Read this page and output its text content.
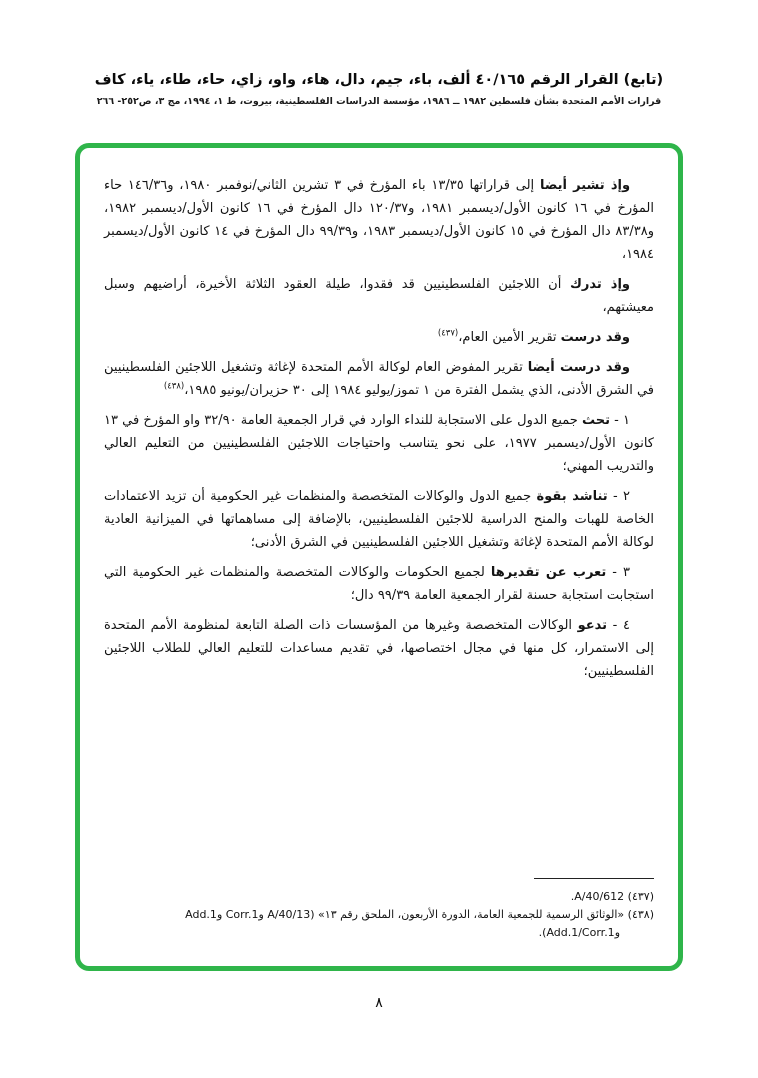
(تابع) القرار الرقم ٤٠/١٦٥ ألف، باء، جيم، دال، هاء، واو، زاي، حاء، طاء، ياء، كاف
قرارات الأمم المتحدة بشأن فلسطين ١٩٨٢ ــ ١٩٨٦، مؤسسة الدراسات الفلسطينية، بيروت، ط ١، ١٩٩٤، مج ٣، ص٢٥٢- ٢٦٦

وإذ تشير أيضا إلى قراراتها ١٣/٣٥ باء المؤرخ في ٣ تشرين الثاني/نوفمبر ١٩٨٠، و١٤٦/٣٦ حاء المؤرخ في ١٦ كانون الأول/ديسمبر ١٩٨١، و١٢٠/٣٧ دال المؤرخ في ١٦ كانون الأول/ديسمبر ١٩٨٢، و٨٣/٣٨ دال المؤرخ في ١٥ كانون الأول/ديسمبر ١٩٨٣، و٩٩/٣٩ دال المؤرخ في ١٤ كانون الأول/ديسمبر ١٩٨٤،

وإذ تدرك أن اللاجئين الفلسطينيين قد فقدوا، طيلة العقود الثلاثة الأخيرة، أراضيهم وسبل معيشتهم،

وقد درست تقرير الأمين العام،$^{(٤٣٧)}$

وقد درست أيضا تقرير المفوض العام لوكالة الأمم المتحدة لإغاثة وتشغيل اللاجئين الفلسطينيين في الشرق الأدنى، الذي يشمل الفترة من ١ تموز/يوليو ١٩٨٤ إلى ٣٠ حزيران/يونيو ١٩٨٥،$^{(٤٣٨)}$

١ - تحث جميع الدول على الاستجابة للنداء الوارد في قرار الجمعية العامة ٣٢/٩٠ واو المؤرخ في ١٣ كانون الأول/ديسمبر ١٩٧٧، على نحو يتناسب واحتياجات اللاجئين الفلسطينيين من التعليم العالي والتدريب المهني؛

٢ - تناشد بقوة جميع الدول والوكالات المتخصصة والمنظمات غير الحكومية أن تزيد الاعتمادات الخاصة للهبات والمنح الدراسية للاجئين الفلسطينيين، بالإضافة إلى مساهماتها في الميزانية العادية لوكالة الأمم المتحدة لإغاثة وتشغيل اللاجئين الفلسطينيين في الشرق الأدنى؛

٣ - تعرب عن تقديرها لجميع الحكومات والوكالات المتخصصة والمنظمات غير الحكومية التي استجابت استجابة حسنة لقرار الجمعية العامة ٩٩/٣٩ دال؛

٤ - تدعو الوكالات المتخصصة وغيرها من المؤسسات ذات الصلة التابعة لمنظومة الأمم المتحدة إلى الاستمرار، كل منها في مجال اختصاصها، في تقديم مساعدات للتعليم العالي للطلاب اللاجئين الفلسطينيين؛

(٤٣٧) A/40/612.
(٤٣٨) «الوثائق الرسمية للجمعية العامة، الدورة الأربعون، الملحق رقم ١٣» (A/40/13 وCorr.1 وAdd.1 وAdd.1/Corr.1).
٨
